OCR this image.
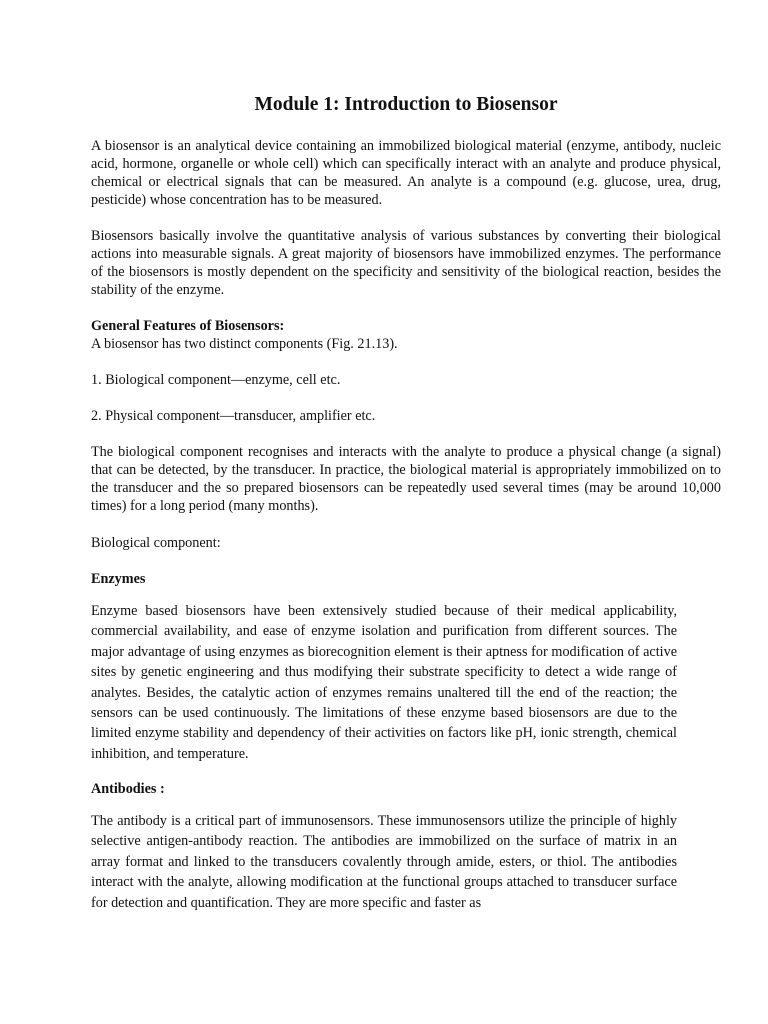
Module 1: Introduction to Biosensor

A biosensor is an analytical device containing an immobilized biological material (enzyme, antibody, nucleic acid, hormone, organelle or whole cell) which can specifically interact with an analyte and produce physical, chemical or electrical signals that can be measured. An analyte is a compound (e.g. glucose, urea, drug, pesticide) whose concentration has to be measured.

Biosensors basically involve the quantitative analysis of various substances by converting their biological actions into measurable signals. A great majority of biosensors have immobilized enzymes. The performance of the biosensors is mostly dependent on the specificity and sensitivity of the biological reaction, besides the stability of the enzyme.

General Features of Biosensors:
A biosensor has two distinct components (Fig. 21.13).

1. Biological component—enzyme, cell etc.

2. Physical component—transducer, amplifier etc.

The biological component recognises and interacts with the analyte to produce a physical change (a signal) that can be detected, by the transducer. In practice, the biological material is appropriately immobilized on to the transducer and the so prepared biosensors can be repeatedly used several times (may be around 10,000 times) for a long period (many months).

Biological component:

Enzymes

Enzyme based biosensors have been extensively studied because of their medical applicability, commercial availability, and ease of enzyme isolation and purification from different sources. The major advantage of using enzymes as biorecognition element is their aptness for modification of active sites by genetic engineering and thus modifying their substrate specificity to detect a wide range of analytes. Besides, the catalytic action of enzymes remains unaltered till the end of the reaction; the sensors can be used continuously. The limitations of these enzyme based biosensors are due to the limited enzyme stability and dependency of their activities on factors like pH, ionic strength, chemical inhibition, and temperature.

Antibodies :

The antibody is a critical part of immunosensors. These immunosensors utilize the principle of highly selective antigen-antibody reaction. The antibodies are immobilized on the surface of matrix in an array format and linked to the transducers covalently through amide, esters, or thiol. The antibodies interact with the analyte, allowing modification at the functional groups attached to transducer surface for detection and quantification. They are more specific and faster as
